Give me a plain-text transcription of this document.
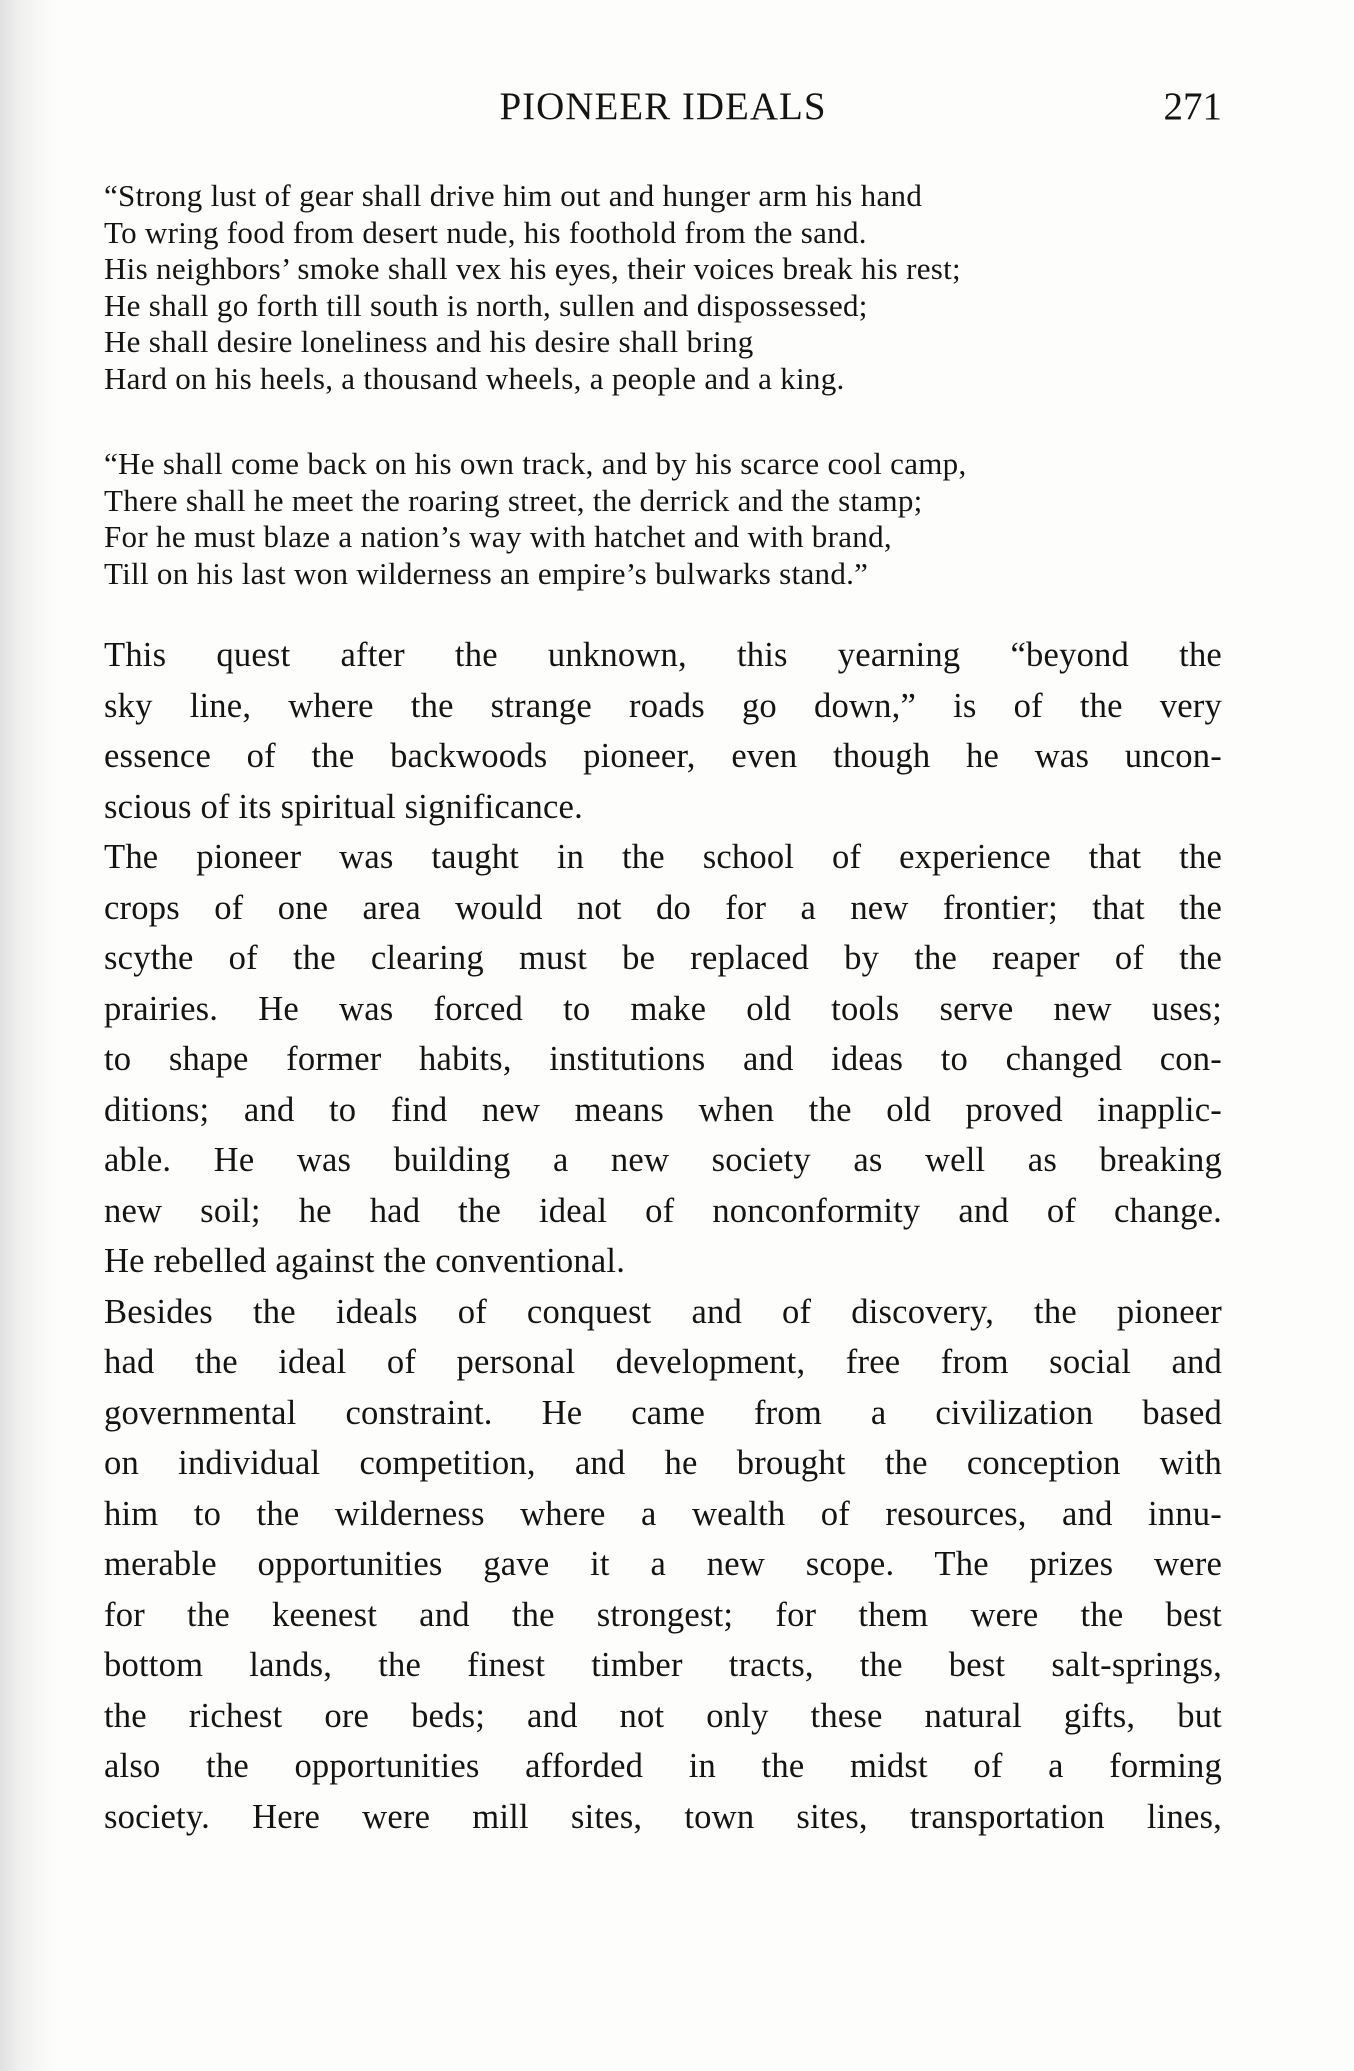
PIONEER IDEALS	271
“Strong lust of gear shall drive him out and hunger arm his hand
To wring food from desert nude, his foothold from the sand.
His neighbors’ smoke shall vex his eyes, their voices break his rest;
He shall go forth till south is north, sullen and dispossessed;
He shall desire loneliness and his desire shall bring
Hard on his heels, a thousand wheels, a people and a king.
“He shall come back on his own track, and by his scarce cool camp,
There shall he meet the roaring street, the derrick and the stamp;
For he must blaze a nation’s way with hatchet and with brand,
Till on his last won wilderness an empire’s bulwarks stand.”
This quest after the unknown, this yearning “beyond the
sky line, where the strange roads go down,” is of the very
essence of the backwoods pioneer, even though he was uncon-
scious of its spiritual significance.
The pioneer was taught in the school of experience that the
crops of one area would not do for a new frontier; that the
scythe of the clearing must be replaced by the reaper of the
prairies. He was forced to make old tools serve new uses;
to shape former habits, institutions and ideas to changed con-
ditions; and to find new means when the old proved inapplic-
able. He was building a new society as well as breaking
new soil; he had the ideal of nonconformity and of change.
He rebelled against the conventional.
Besides the ideals of conquest and of discovery, the pioneer
had the ideal of personal development, free from social and
governmental constraint. He came from a civilization based
on individual competition, and he brought the conception with
him to the wilderness where a wealth of resources, and innu-
merable opportunities gave it a new scope. The prizes were
for the keenest and the strongest; for them were the best
bottom lands, the finest timber tracts, the best salt-springs,
the richest ore beds; and not only these natural gifts, but
also the opportunities afforded in the midst of a forming
society. Here were mill sites, town sites, transportation lines,
